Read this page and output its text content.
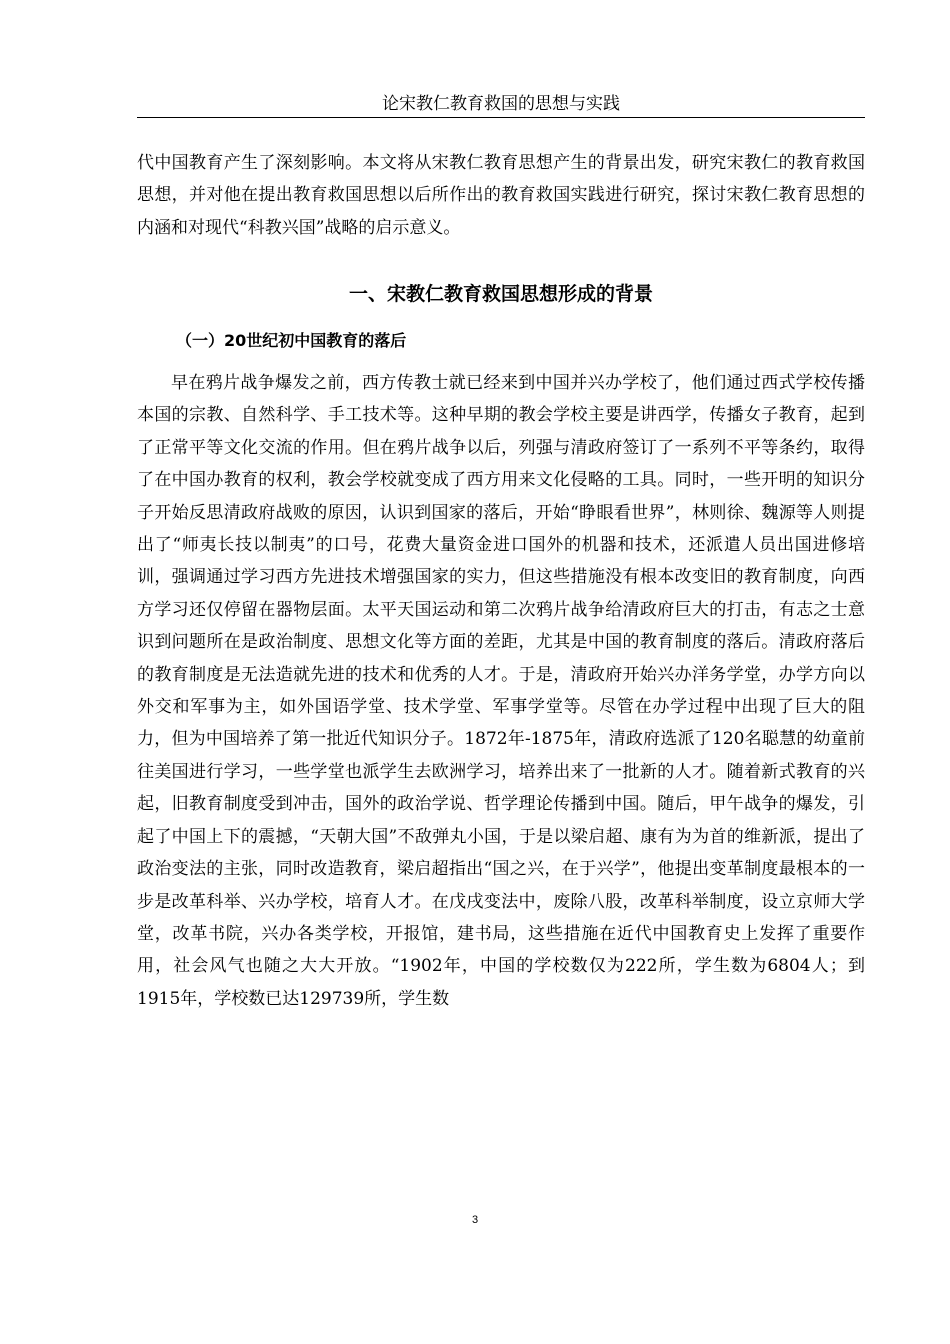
论宋教仁教育救国的思想与实践

代中国教育产生了深刻影响。本文将从宋教仁教育思想产生的背景出发，研究宋教仁的教育救国思想，并对他在提出教育救国思想以后所作出的教育救国实践进行研究，探讨宋教仁教育思想的内涵和对现代“科教兴国”战略的启示意义。

一、宋教仁教育救国思想形成的背景
（一）20世纪初中国教育的落后

早在鸦片战争爆发之前，西方传教士就已经来到中国并兴办学校了，他们通过西式学校传播本国的宗教、自然科学、手工技术等。这种早期的教会学校主要是讲西学，传播女子教育，起到了正常平等文化交流的作用。但在鸦片战争以后，列强与清政府签订了一系列不平等条约，取得了在中国办教育的权利，教会学校就变成了西方用来文化侵略的工具。同时，一些开明的知识分子开始反思清政府战败的原因，认识到国家的落后，开始“睁眼看世界”，林则徐、魏源等人则提出了“师夷长技以制夷”的口号，花费大量资金进口国外的机器和技术，还派遣人员出国进修培训，强调通过学习西方先进技术增强国家的实力，但这些措施没有根本改变旧的教育制度，向西方学习还仅停留在器物层面。太平天国运动和第二次鸦片战争给清政府巨大的打击，有志之士意识到问题所在是政治制度、思想文化等方面的差距，尤其是中国的教育制度的落后。清政府落后的教育制度是无法造就先进的技术和优秀的人才。于是，清政府开始兴办洋务学堂，办学方向以外交和军事为主，如外国语学堂、技术学堂、军事学堂等。尽管在办学过程中出现了巨大的阻力，但为中国培养了第一批近代知识分子。1872年-1875年，清政府选派了120名聪慧的幼童前往美国进行学习，一些学堂也派学生去欧洲学习，培养出来了一批新的人才。随着新式教育的兴起，旧教育制度受到冲击，国外的政治学说、哲学理论传播到中国。随后，甲午战争的爆发，引起了中国上下的震撼，“天朝大国”不敌弹丸小国，于是以梁启超、康有为为首的维新派，提出了政治变法的主张，同时改造教育，梁启超指出“国之兴，在于兴学”，他提出变革制度最根本的一步是改革科举、兴办学校，培育人才。在戊戌变法中，废除八股，改革科举制度，设立京师大学堂，改革书院，兴办各类学校，开报馆，建书局，这些措施在近代中国教育史上发挥了重要作用，社会风气也随之大大开放。“1902年，中国的学校数仅为222所，学生数为6804人；到1915年，学校数已达129739所，学生数

3
